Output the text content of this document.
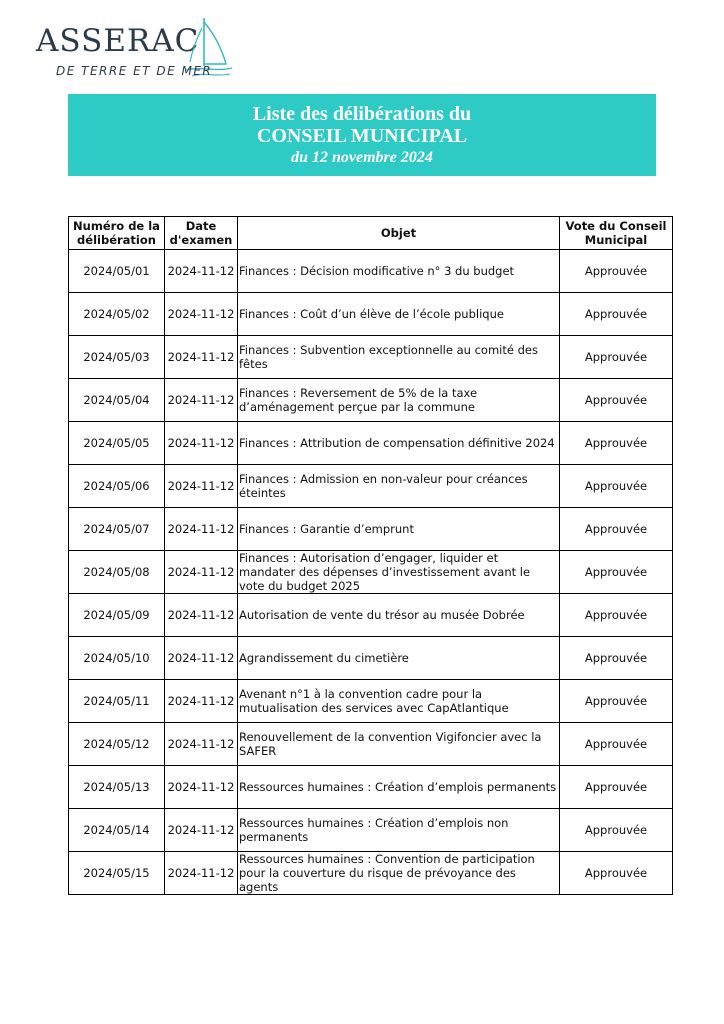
ASSERAC
DE TERRE ET DE MER
Liste des délibérations du
CONSEIL MUNICIPAL
du 12 novembre 2024
Numéro de la délibération	Date d'examen	Objet	Vote du Conseil Municipal
2024/05/01	2024-11-12	Finances : Décision modificative n° 3 du budget	Approuvée
2024/05/02	2024-11-12	Finances : Coût d’un élève de l’école publique	Approuvée
2024/05/03	2024-11-12	Finances : Subvention exceptionnelle au comité des fêtes	Approuvée
2024/05/04	2024-11-12	Finances : Reversement de 5% de la taxe d’aménagement perçue par la commune	Approuvée
2024/05/05	2024-11-12	Finances : Attribution de compensation définitive 2024	Approuvée
2024/05/06	2024-11-12	Finances : Admission en non-valeur pour créances éteintes	Approuvée
2024/05/07	2024-11-12	Finances : Garantie d’emprunt	Approuvée
2024/05/08	2024-11-12	Finances : Autorisation d’engager, liquider et mandater des dépenses d’investissement avant le vote du budget 2025	Approuvée
2024/05/09	2024-11-12	Autorisation de vente du trésor au musée Dobrée	Approuvée
2024/05/10	2024-11-12	Agrandissement du cimetière	Approuvée
2024/05/11	2024-11-12	Avenant n°1 à la convention cadre pour la mutualisation des services avec CapAtlantique	Approuvée
2024/05/12	2024-11-12	Renouvellement de la convention Vigifoncier avec la SAFER	Approuvée
2024/05/13	2024-11-12	Ressources humaines : Création d’emplois permanents	Approuvée
2024/05/14	2024-11-12	Ressources humaines : Création d’emplois non permanents	Approuvée
2024/05/15	2024-11-12	Ressources humaines : Convention de participation pour la couverture du risque de prévoyance des agents	Approuvée
